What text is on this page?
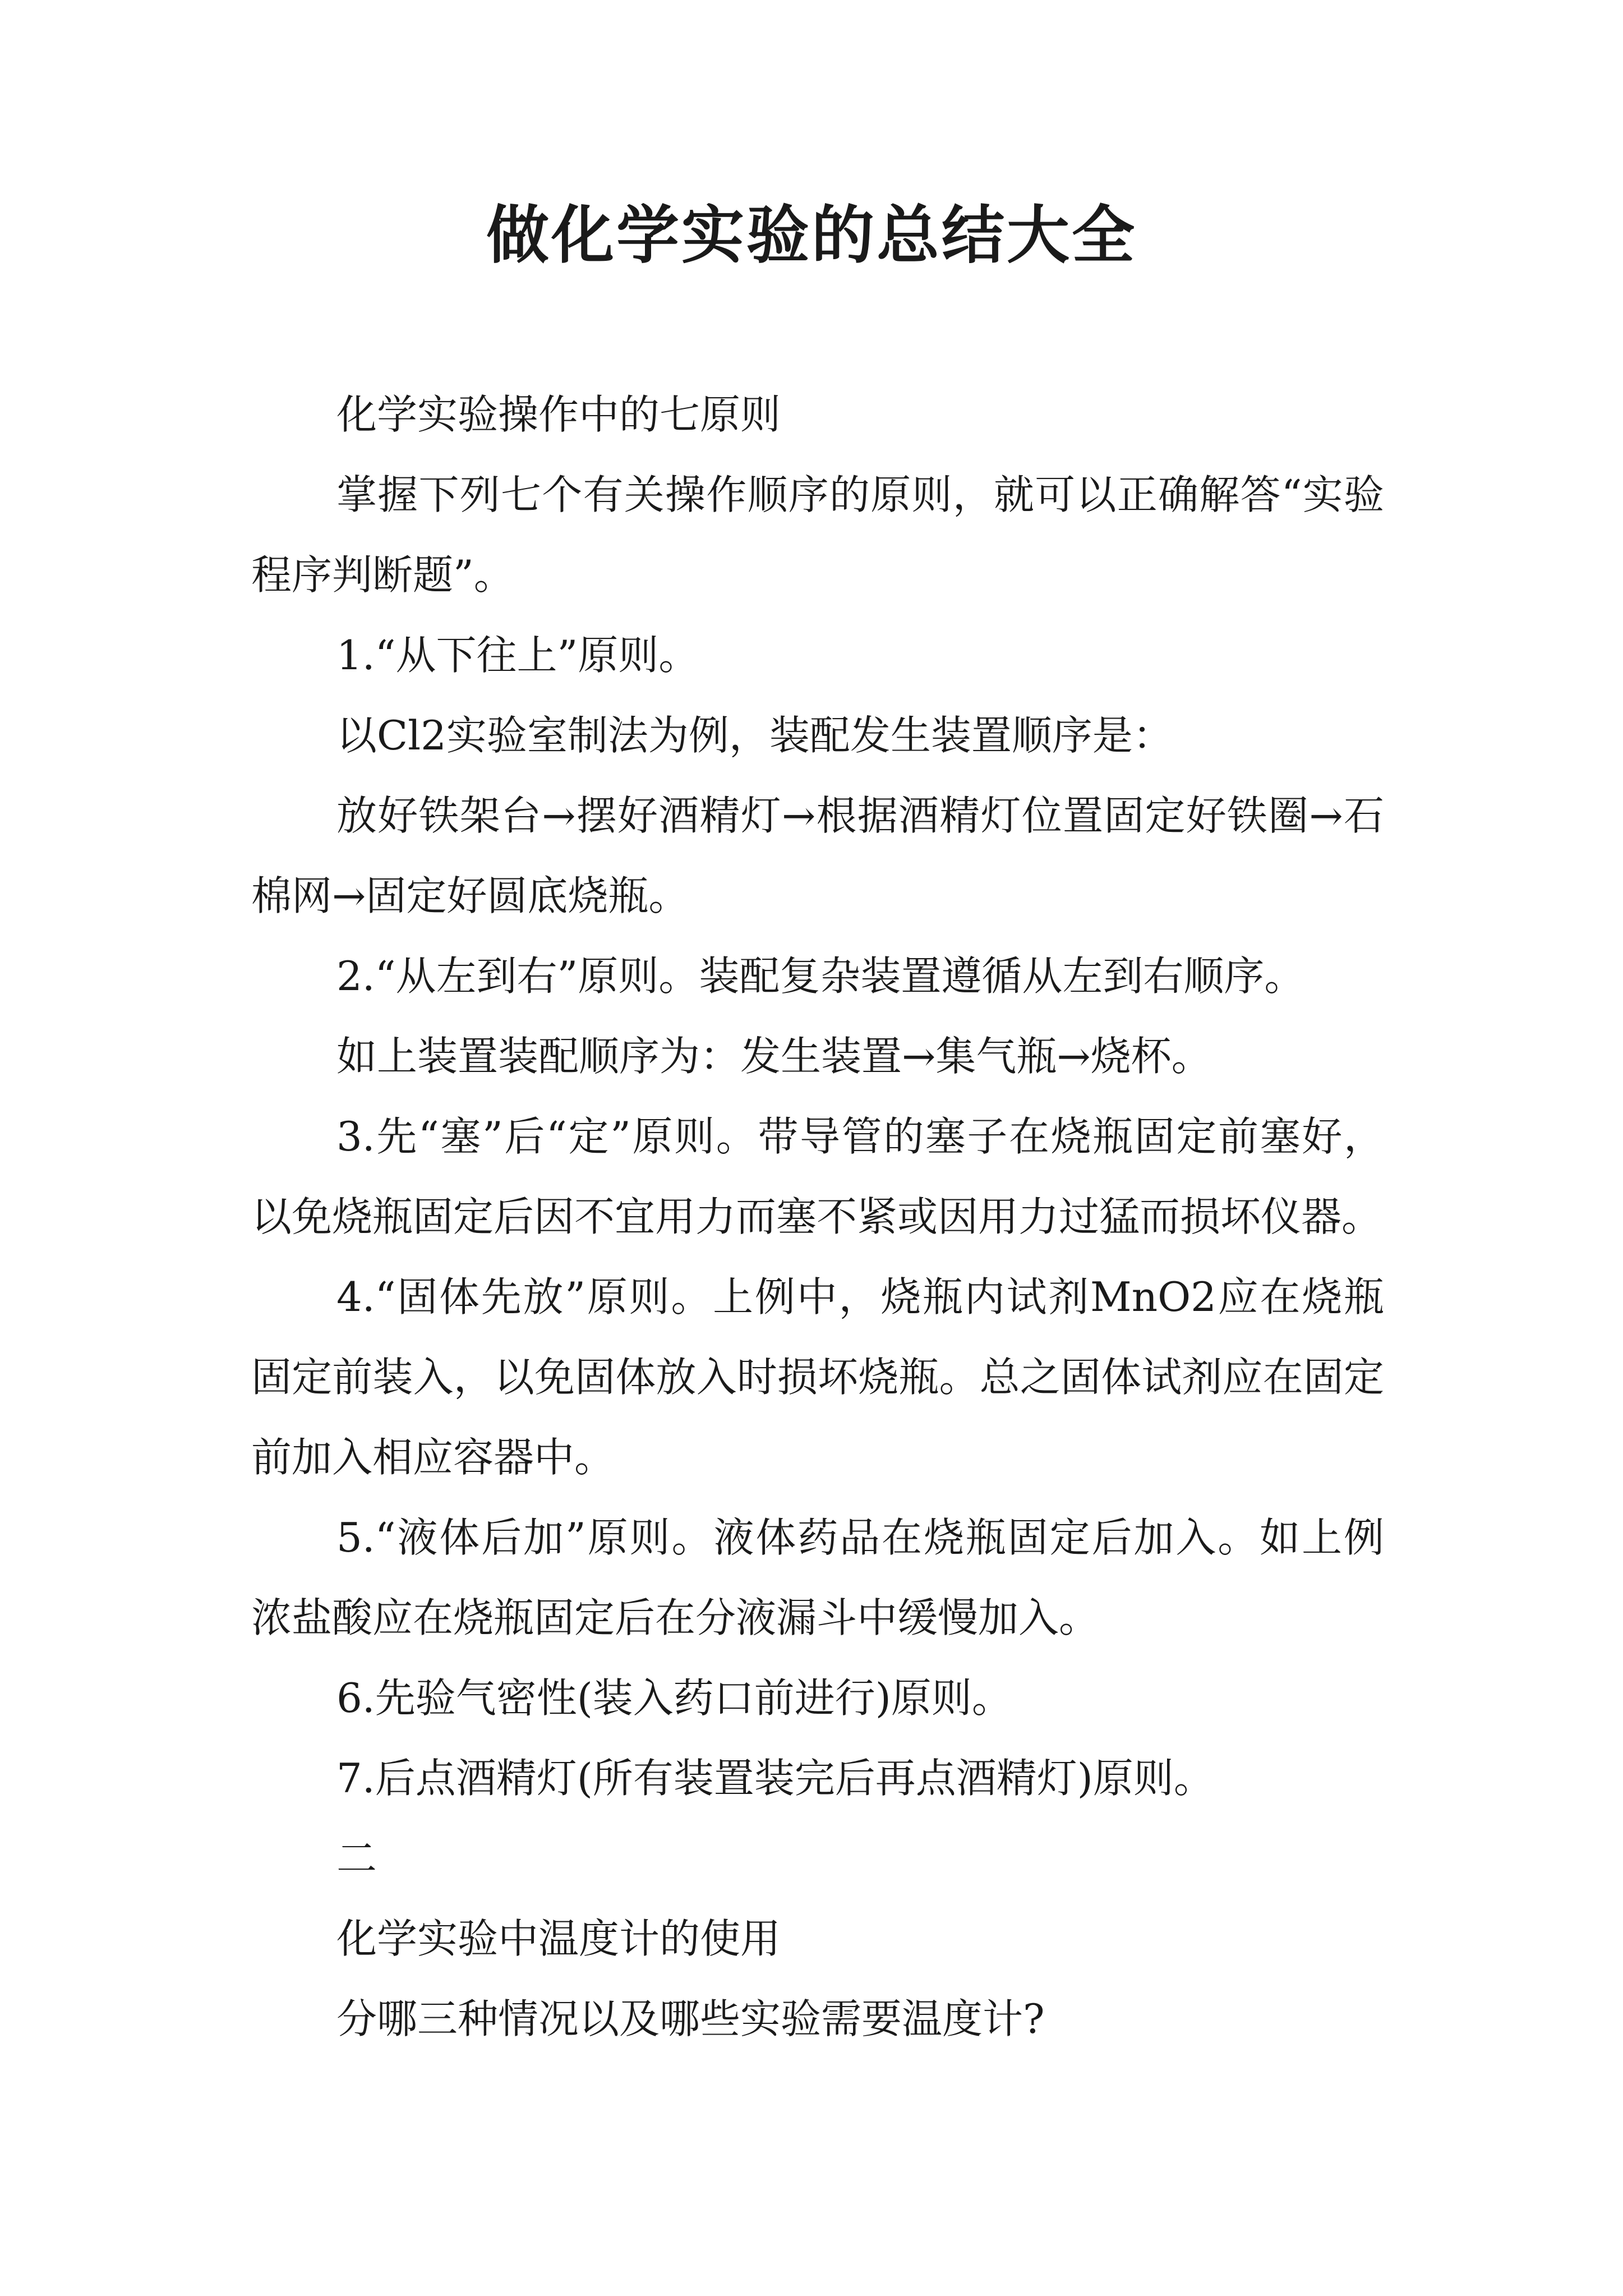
做化学实验的总结大全

化学实验操作中的七原则

掌握下列七个有关操作顺序的原则，就可以正确解答“实验程序判断题”。

1.“从下往上”原则。

以Cl2实验室制法为例，装配发生装置顺序是：

放好铁架台→摆好酒精灯→根据酒精灯位置固定好铁圈→石棉网→固定好圆底烧瓶。

2.“从左到右”原则。装配复杂装置遵循从左到右顺序。

如上装置装配顺序为：发生装置→集气瓶→烧杯。

3.先“塞”后“定”原则。带导管的塞子在烧瓶固定前塞好，以免烧瓶固定后因不宜用力而塞不紧或因用力过猛而损坏仪器。

4.“固体先放”原则。上例中，烧瓶内试剂MnO2应在烧瓶固定前装入，以免固体放入时损坏烧瓶。总之固体试剂应在固定前加入相应容器中。

5.“液体后加”原则。液体药品在烧瓶固定后加入。如上例浓盐酸应在烧瓶固定后在分液漏斗中缓慢加入。

6.先验气密性(装入药口前进行)原则。

7.后点酒精灯(所有装置装完后再点酒精灯)原则。

二

化学实验中温度计的使用

分哪三种情况以及哪些实验需要温度计?
